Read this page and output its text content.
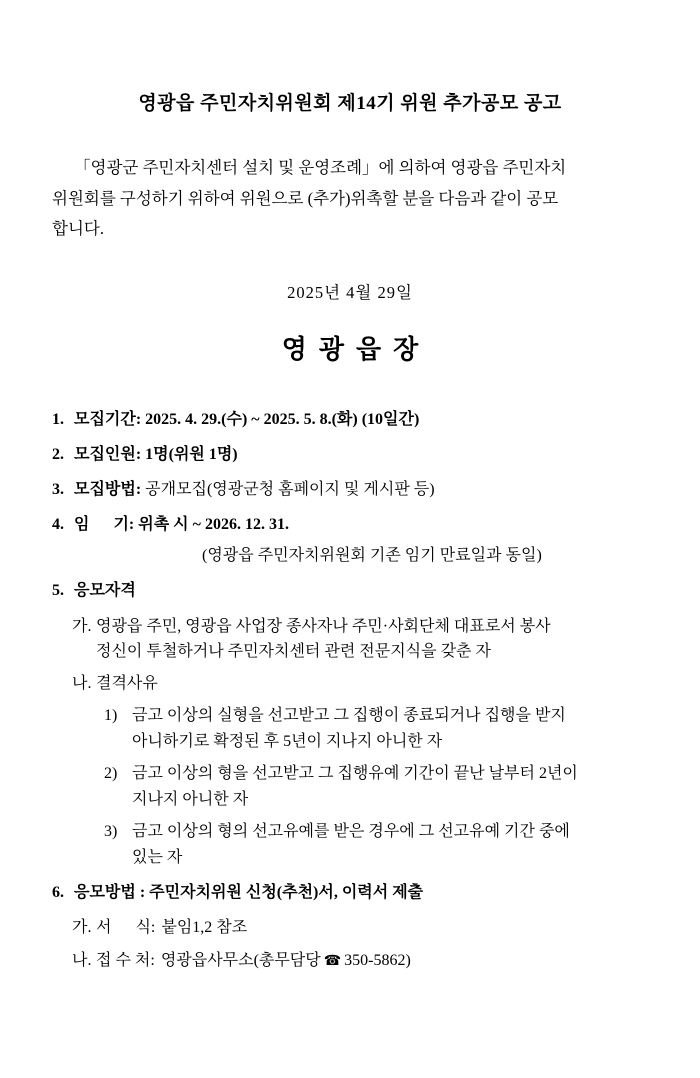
영광읍 주민자치위원회 제14기 위원 추가공모 공고
「영광군 주민자치센터 설치 및 운영조례」에 의하여 영광읍 주민자치
위원회를 구성하기 위하여 위원으로 (추가)위촉할 분을 다음과 같이 공모
합니다.
2025년 4월 29일
영광읍장
1. 모집기간: 2025. 4. 29.(수) ~ 2025. 5. 8.(화) (10일간)
2. 모집인원: 1명(위원 1명)
3. 모집방법: 공개모집(영광군청 홈페이지 및 게시판 등)
4. 임      기: 위촉 시 ~ 2026. 12. 31.
(영광읍 주민자치위원회 기존 임기 만료일과 동일)
5. 응모자격
가. 영광읍 주민, 영광읍 사업장 종사자나 주민·사회단체 대표로서 봉사
정신이 투철하거나 주민자치센터 관련 전문지식을 갖춘 자
나. 결격사유
1) 금고 이상의 실형을 선고받고 그 집행이 종료되거나 집행을 받지
아니하기로 확정된 후 5년이 지나지 아니한 자
2) 금고 이상의 형을 선고받고 그 집행유예 기간이 끝난 날부터 2년이
지나지 아니한 자
3) 금고 이상의 형의 선고유예를 받은 경우에 그 선고유예 기간 중에
있는 자
6. 응모방법 : 주민자치위원 신청(추천)서, 이력서 제출
가. 서      식: 붙임1,2 참조
나. 접 수 처: 영광읍사무소(총무담당 ☎ 350-5862)
